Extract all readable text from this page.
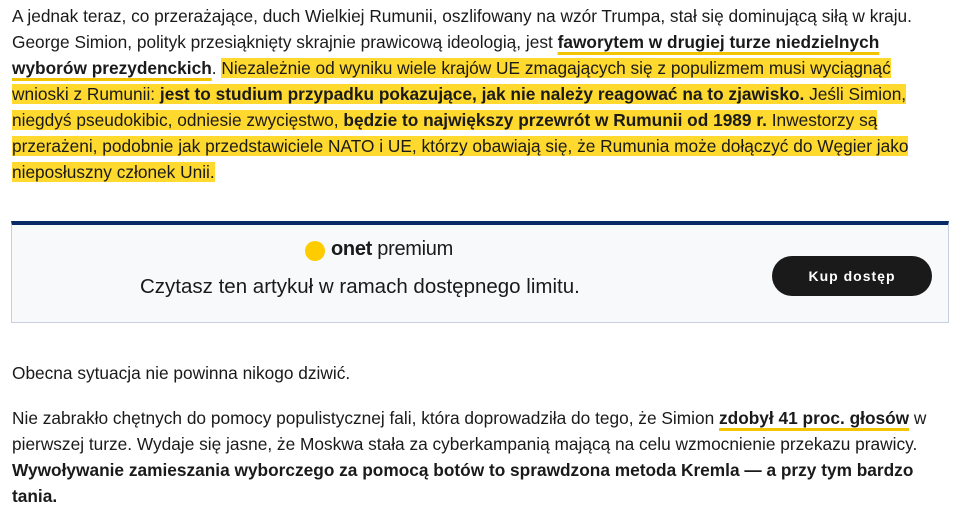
A jednak teraz, co przerażające, duch Wielkiej Rumunii, oszlifowany na wzór Trumpa, stał się dominującą siłą w kraju. George Simion, polityk przesiąknięty skrajnie prawicową ideologią, jest faworytem w drugiej turze niedzielnych wyborów prezydenckich. Niezależnie od wyniku wiele krajów UE zmagających się z populizmem musi wyciągnąć wnioski z Rumunii: jest to studium przypadku pokazujące, jak nie należy reagować na to zjawisko. Jeśli Simion, niegdyś pseudokibic, odniesie zwycięstwo, będzie to największy przewrót w Rumunii od 1989 r. Inwestorzy są przerażeni, podobnie jak przedstawiciele NATO i UE, którzy obawiają się, że Rumunia może dołączyć do Węgier jako nieposłuszny członek Unii.

onet premium
Czytasz ten artykuł w ramach dostępnego limitu.	Kup dostęp

Obecna sytuacja nie powinna nikogo dziwić.

Nie zabrakło chętnych do pomocy populistycznej fali, która doprowadziła do tego, że Simion zdobył 41 proc. głosów w pierwszej turze. Wydaje się jasne, że Moskwa stała za cyberkampanią mającą na celu wzmocnienie przekazu prawicy. Wywoływanie zamieszania wyborczego za pomocą botów to sprawdzona metoda Kremla — a przy tym bardzo tania.
